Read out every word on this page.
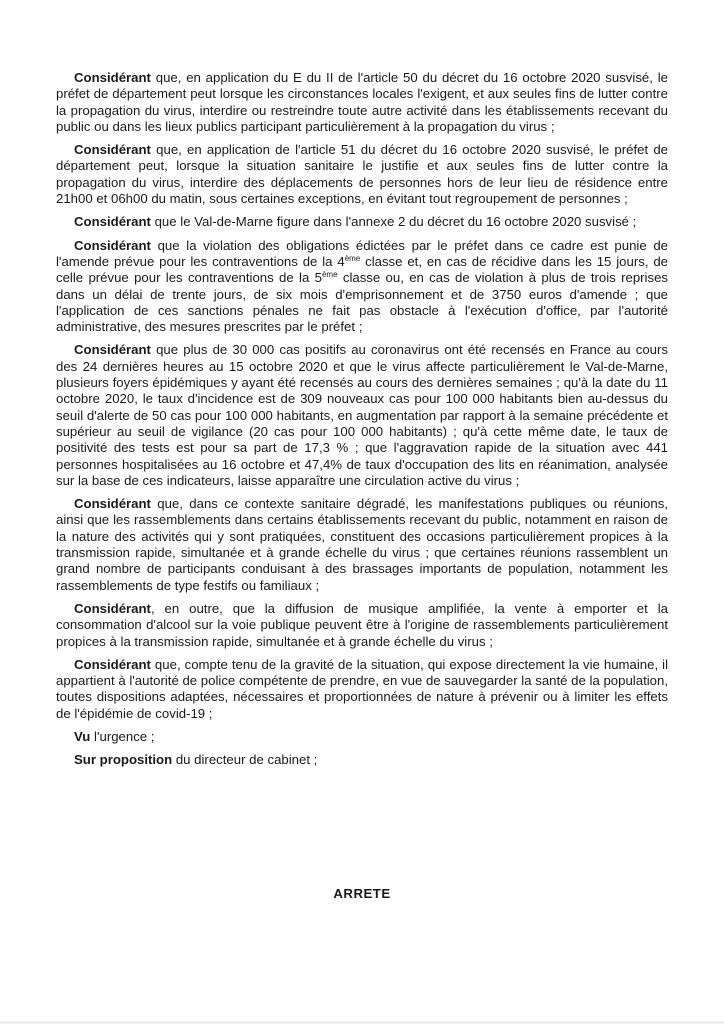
Considérant que, en application du E du II de l'article 50 du décret du 16 octobre 2020 susvisé, le préfet de département peut lorsque les circonstances locales l'exigent, et aux seules fins de lutter contre la propagation du virus, interdire ou restreindre toute autre activité dans les établissements recevant du public ou dans les lieux publics participant particulièrement à la propagation du virus ;

Considérant que, en application de l'article 51 du décret du 16 octobre 2020 susvisé, le préfet de département peut, lorsque la situation sanitaire le justifie et aux seules fins de lutter contre la propagation du virus, interdire des déplacements de personnes hors de leur lieu de résidence entre 21h00 et 06h00 du matin, sous certaines exceptions, en évitant tout regroupement de personnes ;

Considérant que le Val-de-Marne figure dans l'annexe 2 du décret du 16 octobre 2020 susvisé ;

Considérant que la violation des obligations édictées par le préfet dans ce cadre est punie de l'amende prévue pour les contraventions de la 4ème classe et, en cas de récidive dans les 15 jours, de celle prévue pour les contraventions de la 5ème classe ou, en cas de violation à plus de trois reprises dans un délai de trente jours, de six mois d'emprisonnement et de 3750 euros d'amende ; que l'application de ces sanctions pénales ne fait pas obstacle à l'exécution d'office, par l'autorité administrative, des mesures prescrites par le préfet ;

Considérant que plus de 30 000 cas positifs au coronavirus ont été recensés en France au cours des 24 dernières heures au 15 octobre 2020 et que le virus affecte particulièrement le Val-de-Marne, plusieurs foyers épidémiques y ayant été recensés au cours des dernières semaines ; qu'à la date du 11 octobre 2020, le taux d'incidence est de 309 nouveaux cas pour 100 000 habitants bien au-dessus du seuil d'alerte de 50 cas pour 100 000 habitants, en augmentation par rapport à la semaine précédente et supérieur au seuil de vigilance (20 cas pour 100 000 habitants) ; qu'à cette même date, le taux de positivité des tests est pour sa part de 17,3 % ; que l'aggravation rapide de la situation avec 441 personnes hospitalisées au 16 octobre et 47,4% de taux d'occupation des lits en réanimation, analysée sur la base de ces indicateurs, laisse apparaître une circulation active du virus ;

Considérant que, dans ce contexte sanitaire dégradé, les manifestations publiques ou réunions, ainsi que les rassemblements dans certains établissements recevant du public, notamment en raison de la nature des activités qui y sont pratiquées, constituent des occasions particulièrement propices à la transmission rapide, simultanée et à grande échelle du virus ; que certaines réunions rassemblent un grand nombre de participants conduisant à des brassages importants de population, notamment les rassemblements de type festifs ou familiaux ;

Considérant, en outre, que la diffusion de musique amplifiée, la vente à emporter et la consommation d'alcool sur la voie publique peuvent être à l'origine de rassemblements particulièrement propices à la transmission rapide, simultanée et à grande échelle du virus ;

Considérant que, compte tenu de la gravité de la situation, qui expose directement la vie humaine, il appartient à l'autorité de police compétente de prendre, en vue de sauvegarder la santé de la population, toutes dispositions adaptées, nécessaires et proportionnées de nature à prévenir ou à limiter les effets de l'épidémie de covid-19 ;

Vu l'urgence ;

Sur proposition du directeur de cabinet ;

ARRETE
